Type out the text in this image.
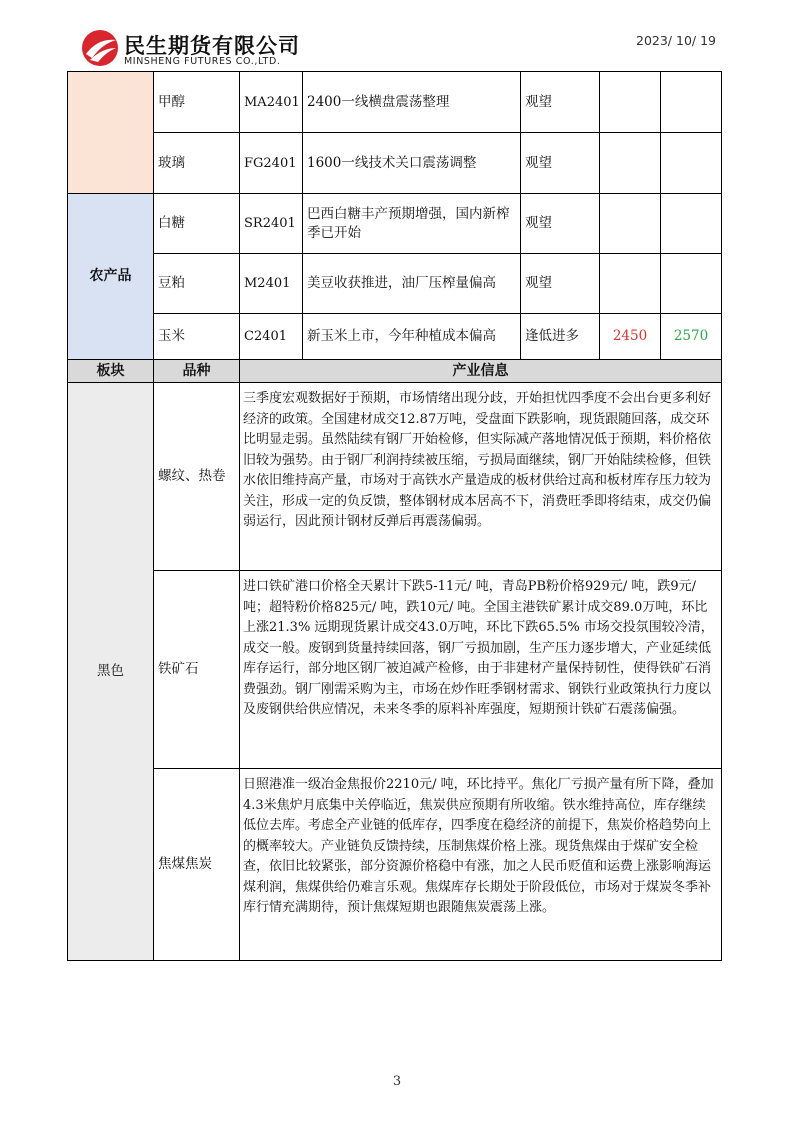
民生期货有限公司
MINSHENG FUTURES CO.,LTD.
2023/ 10/ 19
	甲醇	MA2401	2400一线横盘震荡整理	观望		
	玻璃	FG2401	1600一线技术关口震荡调整	观望		
农产品	白糖	SR2401	巴西白糖丰产预期增强，国内新榨季已开始	观望		
	豆粕	M2401	美豆收获推进，油厂压榨量偏高	观望		
	玉米	C2401	新玉米上市，今年种植成本偏高	逢低进多	2450	2570
板块	品种	产业信息				
黑色	螺纹、热卷	三季度宏观数据好于预期，市场情绪出现分歧，开始担忧四季度不会出台更多利好经济的政策。全国建材成交12.87万吨，受盘面下跌影响，现货跟随回落，成交环比明显走弱。虽然陆续有钢厂开始检修，但实际减产落地情况低于预期，料价格依旧较为强势。由于钢厂利润持续被压缩，亏损局面继续，钢厂开始陆续检修，但铁水依旧维持高产量，市场对于高铁水产量造成的板材供给过高和板材库存压力较为关注，形成一定的负反馈，整体钢材成本居高不下，消费旺季即将结束，成交仍偏弱运行，因此预计钢材反弹后再震荡偏弱。				
	铁矿石	进口铁矿港口价格全天累计下跌5-11元/ 吨，青岛PB粉价格929元/ 吨，跌9元/ 吨；超特粉价格825元/ 吨，跌10元/ 吨。全国主港铁矿累计成交89.0万吨，环比上涨21.3% 远期现货累计成交43.0万吨，环比下跌65.5% 市场交投氛围较冷清，成交一般。废钢到货量持续回落，钢厂亏损加剧，生产压力逐步增大，产业延续低库存运行，部分地区钢厂被迫减产检修，由于非建材产量保持韧性，使得铁矿石消费强劲。钢厂刚需采购为主，市场在炒作旺季钢材需求、钢铁行业政策执行力度以及废钢供给供应情况，未来冬季的原料补库强度，短期预计铁矿石震荡偏强。				
	焦煤焦炭	日照港准一级冶金焦报价2210元/ 吨，环比持平。焦化厂亏损产量有所下降，叠加4.3米焦炉月底集中关停临近，焦炭供应预期有所收缩。铁水维持高位，库存继续低位去库。考虑全产业链的低库存，四季度在稳经济的前提下，焦炭价格趋势向上的概率较大。产业链负反馈持续，压制焦煤价格上涨。现货焦煤由于煤矿安全检查，依旧比较紧张，部分资源价格稳中有涨，加之人民币贬值和运费上涨影响海运煤利润，焦煤供给仍难言乐观。焦煤库存长期处于阶段低位，市场对于煤炭冬季补库行情充满期待，预计焦煤短期也跟随焦炭震荡上涨。				
3
